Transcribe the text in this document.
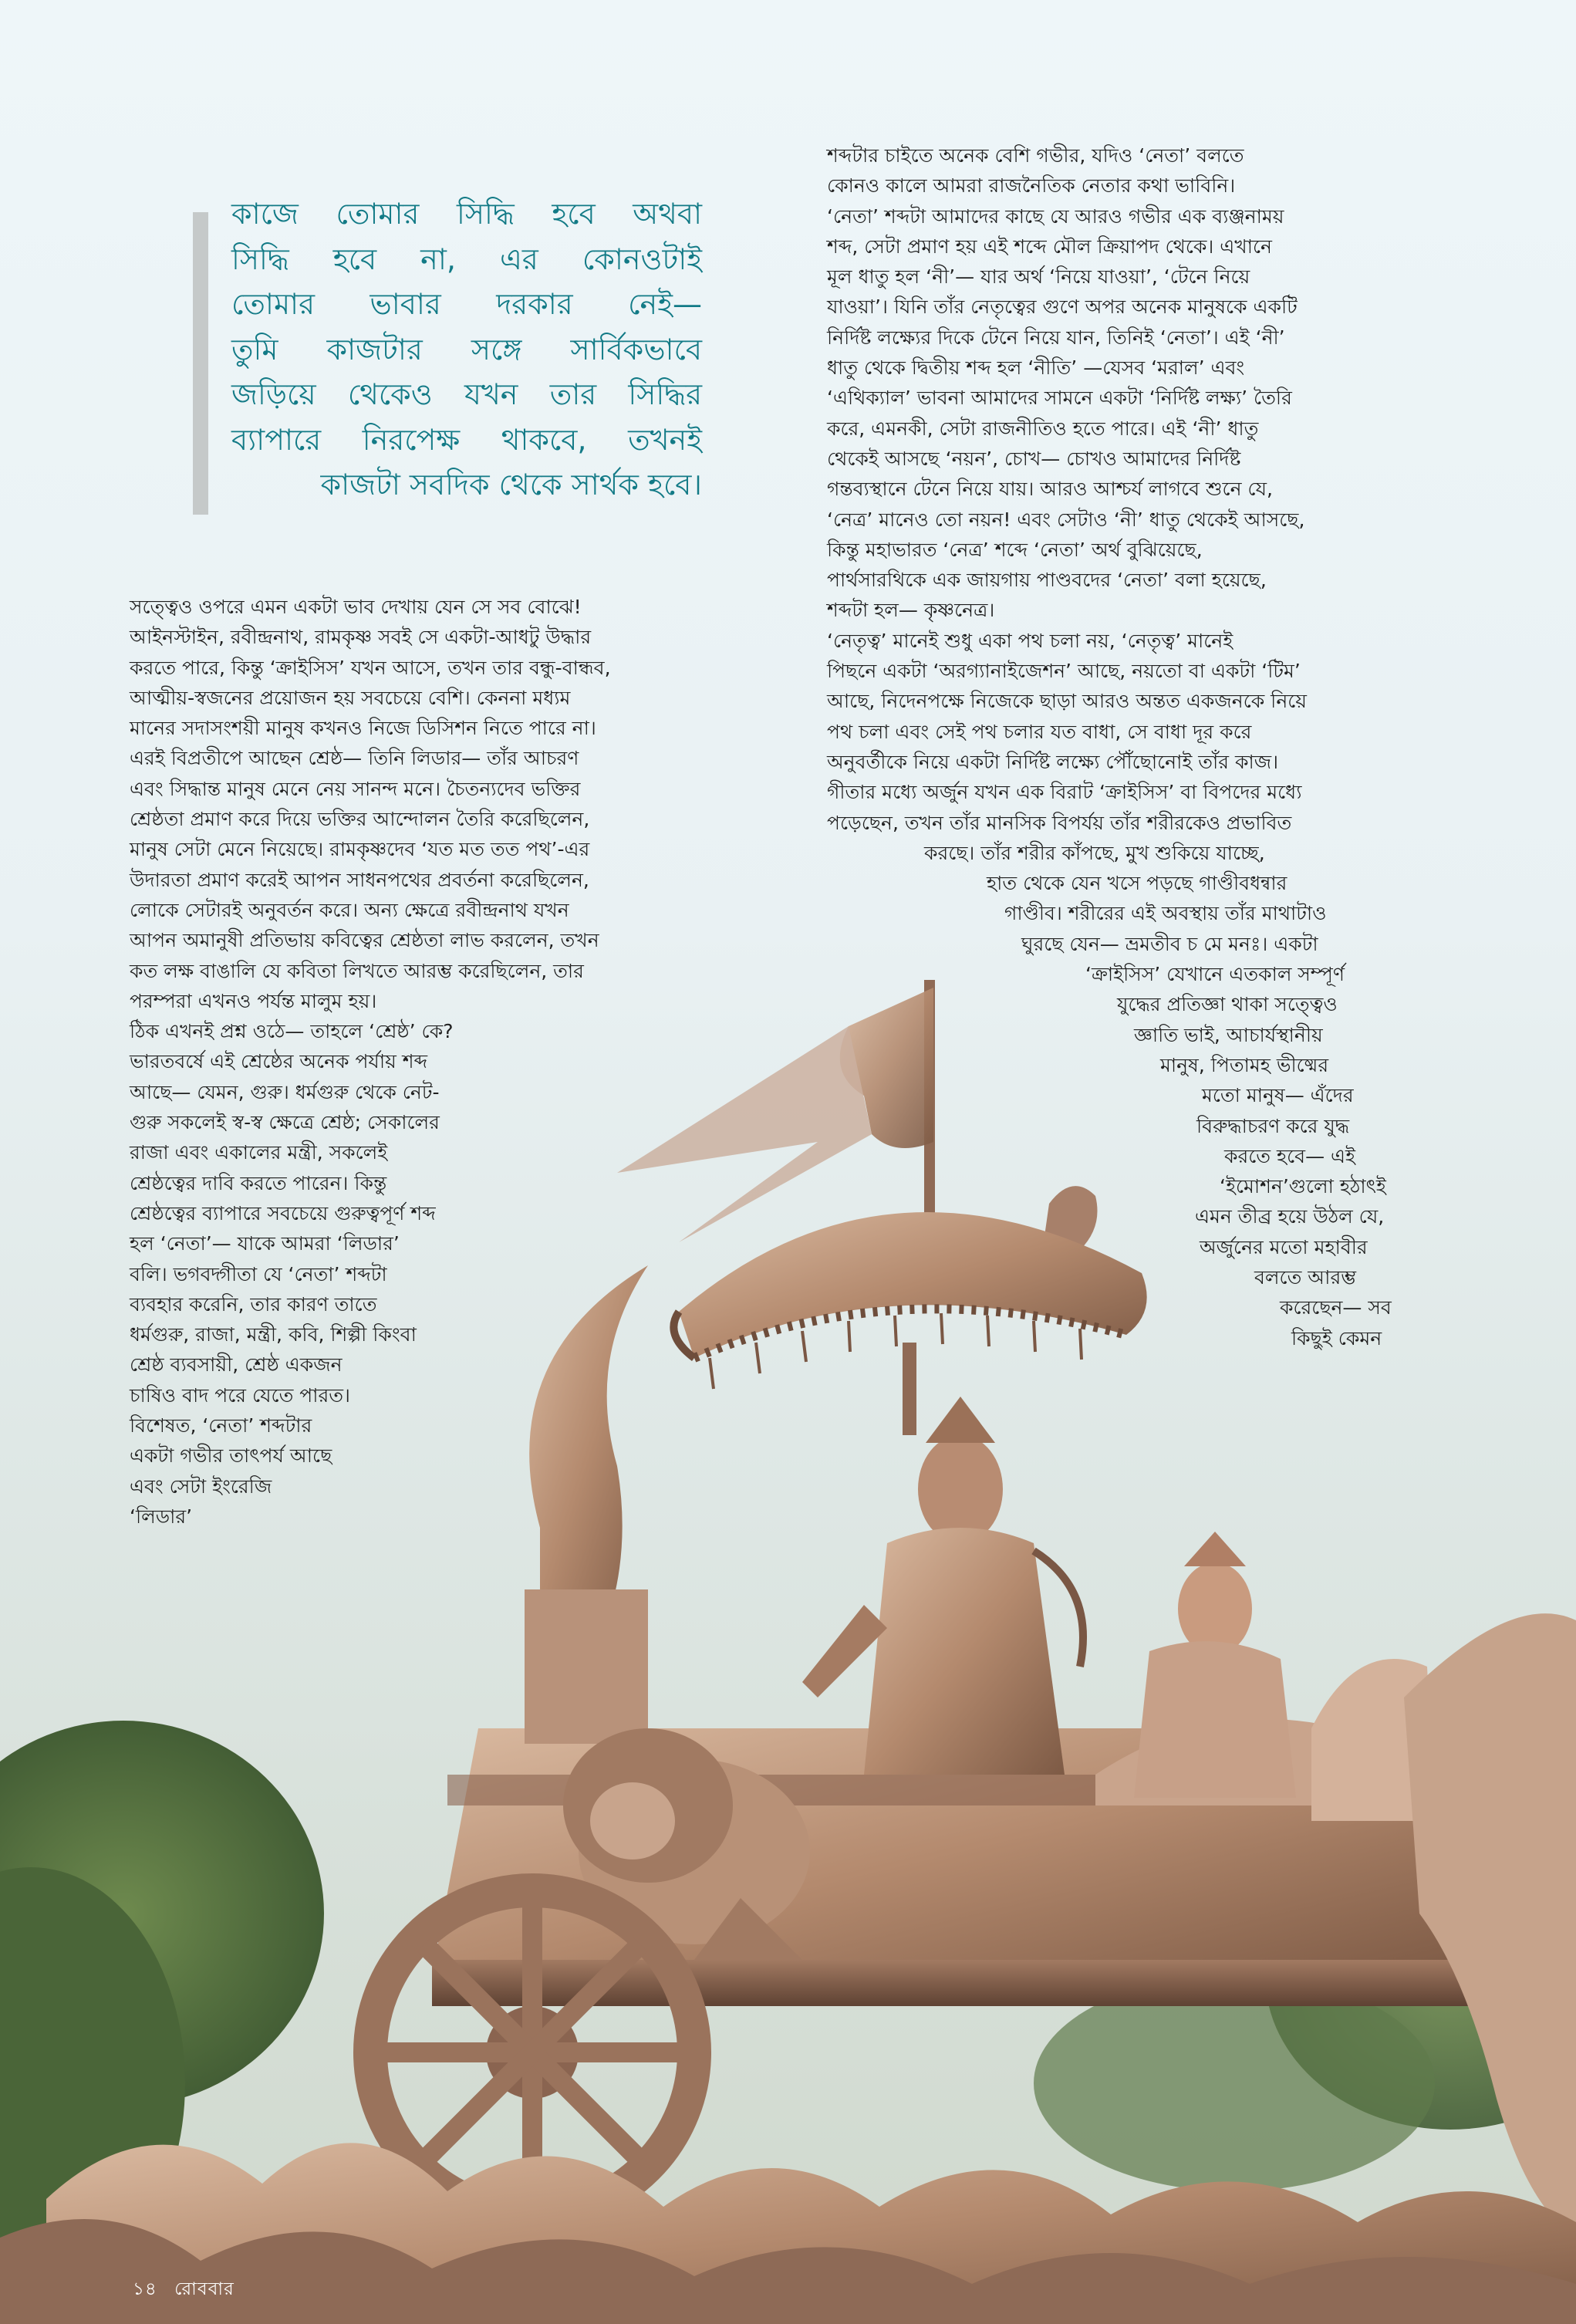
কাজে তোমার সিদ্ধি হবে অথবা
সিদ্ধি হবে না, এর কোনওটাই
তোমার ভাবার দরকার নেই—
তুমি কাজটার সঙ্গে সার্বিকভাবে
জড়িয়ে থেকেও যখন তার সিদ্ধির
ব্যাপারে নিরপেক্ষ থাকবে, তখনই
কাজটা সবদিক থেকে সার্থক হবে।
সত্ত্বেও ওপরে এমন একটা ভাব দেখায় যেন সে সব বোঝে!
আইনস্টাইন, রবীন্দ্রনাথ, রামকৃষ্ণ সবই সে একটা-আধটু উদ্ধার
করতে পারে, কিন্তু ‘ক্রাইসিস’ যখন আসে, তখন তার বন্ধু-বান্ধব,
আত্মীয়-স্বজনের প্রয়োজন হয় সবচেয়ে বেশি। কেননা মধ্যম
মানের সদাসংশয়ী মানুষ কখনও নিজে ডিসিশন নিতে পারে না।
এরই বিপ্রতীপে আছেন শ্রেষ্ঠ— তিনি লিডার— তাঁর আচরণ
এবং সিদ্ধান্ত মানুষ মেনে নেয় সানন্দ মনে। চৈতন্যদেব ভক্তির
শ্রেষ্ঠতা প্রমাণ করে দিয়ে ভক্তির আন্দোলন তৈরি করেছিলেন,
মানুষ সেটা মেনে নিয়েছে। রামকৃষ্ণদেব ‘যত মত তত পথ’-এর
উদারতা প্রমাণ করেই আপন সাধনপথের প্রবর্তনা করেছিলেন,
লোকে সেটারই অনুবর্তন করে। অন্য ক্ষেত্রে রবীন্দ্রনাথ যখন
আপন অমানুষী প্রতিভায় কবিত্বের শ্রেষ্ঠতা লাভ করলেন, তখন
কত লক্ষ বাঙালি যে কবিতা লিখতে আরম্ভ করেছিলেন, তার
পরম্পরা এখনও পর্যন্ত মালুম হয়।
ঠিক এখনই প্রশ্ন ওঠে— তাহলে ‘শ্রেষ্ঠ’ কে?
ভারতবর্ষে এই শ্রেষ্ঠের অনেক পর্যায় শব্দ
আছে— যেমন, গুরু। ধর্মগুরু থেকে নেট-
গুরু সকলেই স্ব-স্ব ক্ষেত্রে শ্রেষ্ঠ; সেকালের
রাজা এবং একালের মন্ত্রী, সকলেই
শ্রেষ্ঠত্বের দাবি করতে পারেন। কিন্তু
শ্রেষ্ঠত্বের ব্যাপারে সবচেয়ে গুরুত্বপূর্ণ শব্দ
হল ‘নেতা’— যাকে আমরা ‘লিডার’
বলি। ভগবদ্গীতা যে ‘নেতা’ শব্দটা
ব্যবহার করেনি, তার কারণ তাতে
ধর্মগুরু, রাজা, মন্ত্রী, কবি, শিল্পী কিংবা
শ্রেষ্ঠ ব্যবসায়ী, শ্রেষ্ঠ একজন
চাষিও বাদ পরে যেতে পারত।
বিশেষত, ‘নেতা’ শব্দটার
একটা গভীর তাৎপর্য আছে
এবং সেটা ইংরেজি
‘লিডার’
শব্দটার চাইতে অনেক বেশি গভীর, যদিও ‘নেতা’ বলতে
কোনও কালে আমরা রাজনৈতিক নেতার কথা ভাবিনি।
‘নেতা’ শব্দটা আমাদের কাছে যে আরও গভীর এক ব্যঞ্জনাময়
শব্দ, সেটা প্রমাণ হয় এই শব্দে মৌল ক্রিয়াপদ থেকে। এখানে
মূল ধাতু হল ‘নী’— যার অর্থ ‘নিয়ে যাওয়া’, ‘টেনে নিয়ে
যাওয়া’। যিনি তাঁর নেতৃত্বের গুণে অপর অনেক মানুষকে একটি
নির্দিষ্ট লক্ষ্যের দিকে টেনে নিয়ে যান, তিনিই ‘নেতা’। এই ‘নী’
ধাতু থেকে দ্বিতীয় শব্দ হল ‘নীতি’ —যেসব ‘মরাল’ এবং
‘এথিক্যাল’ ভাবনা আমাদের সামনে একটা ‘নির্দিষ্ট লক্ষ্য’ তৈরি
করে, এমনকী, সেটা রাজনীতিও হতে পারে। এই ‘নী’ ধাতু
থেকেই আসছে ‘নয়ন’, চোখ— চোখও আমাদের নির্দিষ্ট
গন্তব্যস্থানে টেনে নিয়ে যায়। আরও আশ্চর্য লাগবে শুনে যে,
‘নেত্র’ মানেও তো নয়ন! এবং সেটাও ‘নী’ ধাতু থেকেই আসছে,
কিন্তু মহাভারত ‘নেত্র’ শব্দে ‘নেতা’ অর্থ বুঝিয়েছে,
পার্থসারথিকে এক জায়গায় পাণ্ডবদের ‘নেতা’ বলা হয়েছে,
শব্দটা হল— কৃষ্ণনেত্র।
‘নেতৃত্ব’ মানেই শুধু একা পথ চলা নয়, ‘নেতৃত্ব’ মানেই
পিছনে একটা ‘অরগ্যানাইজেশন’ আছে, নয়তো বা একটা ‘টিম’
আছে, নিদেনপক্ষে নিজেকে ছাড়া আরও অন্তত একজনকে নিয়ে
পথ চলা এবং সেই পথ চলার যত বাধা, সে বাধা দূর করে
অনুবর্তীকে নিয়ে একটা নির্দিষ্ট লক্ষ্যে পৌঁছোনোই তাঁর কাজ।
গীতার মধ্যে অর্জুন যখন এক বিরাট ‘ক্রাইসিস’ বা বিপদের মধ্যে
পড়েছেন, তখন তাঁর মানসিক বিপর্যয় তাঁর শরীরকেও প্রভাবিত
করছে। তাঁর শরীর কাঁপছে, মুখ শুকিয়ে যাচ্ছে,
হাত থেকে যেন খসে পড়ছে গাণ্ডীবধন্বার
গাণ্ডীব। শরীরের এই অবস্থায় তাঁর মাথাটাও
ঘুরছে যেন— ভ্রমতীব চ মে মনঃ। একটা
‘ক্রাইসিস’ যেখানে এতকাল সম্পূর্ণ
যুদ্ধের প্রতিজ্ঞা থাকা সত্ত্বেও
জ্ঞাতি ভাই, আচার্যস্থানীয়
মানুষ, পিতামহ ভীষ্মের
মতো মানুষ— এঁদের
বিরুদ্ধাচরণ করে যুদ্ধ
করতে হবে— এই
‘ইমোশন’গুলো হঠাৎই
এমন তীব্র হয়ে উঠল যে,
অর্জুনের মতো মহাবীর
বলতে আরম্ভ
করেছেন— সব
কিছুই কেমন
১৪ রোববার
